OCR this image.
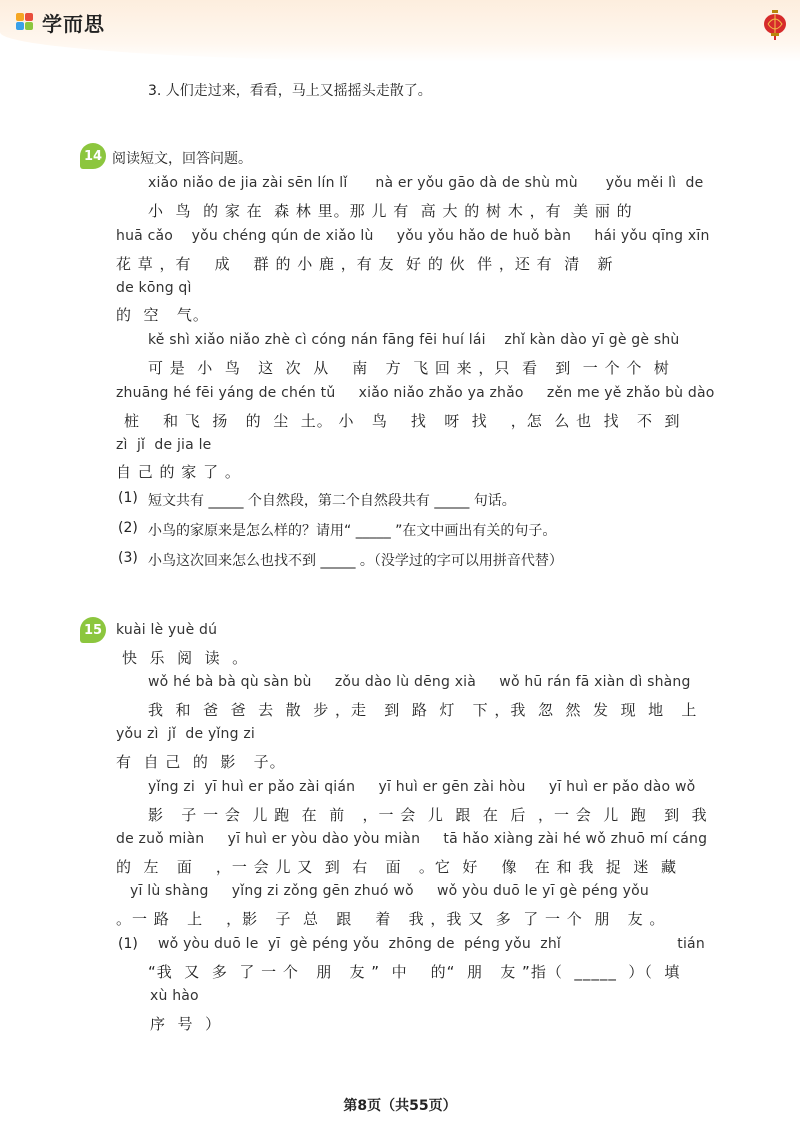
学而思
3. 人们走过来，看看，马上又摇摇头走散了。
14 阅读短文，回答问题。
xiǎo niǎo de jia zài sēn lín lǐ      nà er yǒu gāo dà de shù mù      yǒu měi lì  de
小  鸟  的 家 在  森 林 里。那 儿 有  高 大 的 树 木 ，有  美 丽 的
huā cǎo    yǒu chéng qún de xiǎo lù     yǒu yǒu hǎo de huǒ bàn     hái yǒu qīng xīn
花 草 ，有    成    群 的 小 鹿 ，有 友  好 的 伙  伴 ，还 有  清   新
de kōng qì
的  空   气。
kě shì xiǎo niǎo zhè cì cóng nán fāng fēi huí lái    zhǐ kàn dào yī gè gè shù
可 是  小  鸟   这  次  从    南   方  飞 回 来 ，只  看   到  一 个 个  树
zhuāng hé fēi yáng de chén tǔ     xiǎo niǎo zhǎo ya zhǎo     zěn me yě zhǎo bù dào
桩    和 飞  扬   的  尘  土。 小   鸟    找   呀  找    ，怎  么 也  找   不  到
zì  jǐ  de jia le
自 己 的 家 了 。
(1) 短文共有 _____ 个自然段，第二个自然段共有 _____ 句话。
(2) 小鸟的家原来是怎么样的？请用“ _____ ”在文中画出有关的句子。
(3) 小鸟这次回来怎么也找不到 _____ 。（没学过的字可以用拼音代替）
15 kuài lè yuè dú
快  乐  阅  读  。
wǒ hé bà bà qù sàn bù     zǒu dào lù dēng xià     wǒ hū rán fā xiàn dì shàng
我  和  爸  爸  去  散  步 ，走   到  路  灯   下 ，我  忽  然  发  现  地   上
yǒu zì  jǐ  de yǐng zi
有  自 己  的  影   子。
yǐng zi  yī huì er pǎo zài qián     yī huì er gēn zài hòu     yī huì er pǎo dào wǒ
影   子 一 会  儿 跑  在  前   ，一 会  儿  跟  在  后  ，一 会  儿  跑   到  我
de zuǒ miàn     yī huì er yòu dào yòu miàn     tā hǎo xiàng zài hé wǒ zhuō mí cáng
的  左   面    ，一 会 儿 又  到  右   面   。它  好    像   在 和 我  捉  迷  藏
yī lù shàng     yǐng zi zǒng gēn zhuó wǒ     wǒ yòu duō le yī gè péng yǒu
。一 路   上    ，影   子  总   跟    着   我 ，我 又  多  了 一 个  朋   友 。
(1) wǒ yòu duō le  yī  gè péng yǒu  zhōng de  péng yǒu  zhǐ                         tián
“我  又  多  了 一 个   朋   友 ”  中    的“  朋   友 ”指（  _____  ）（  填
xù hào
序  号  ）
第8页（共55页）
